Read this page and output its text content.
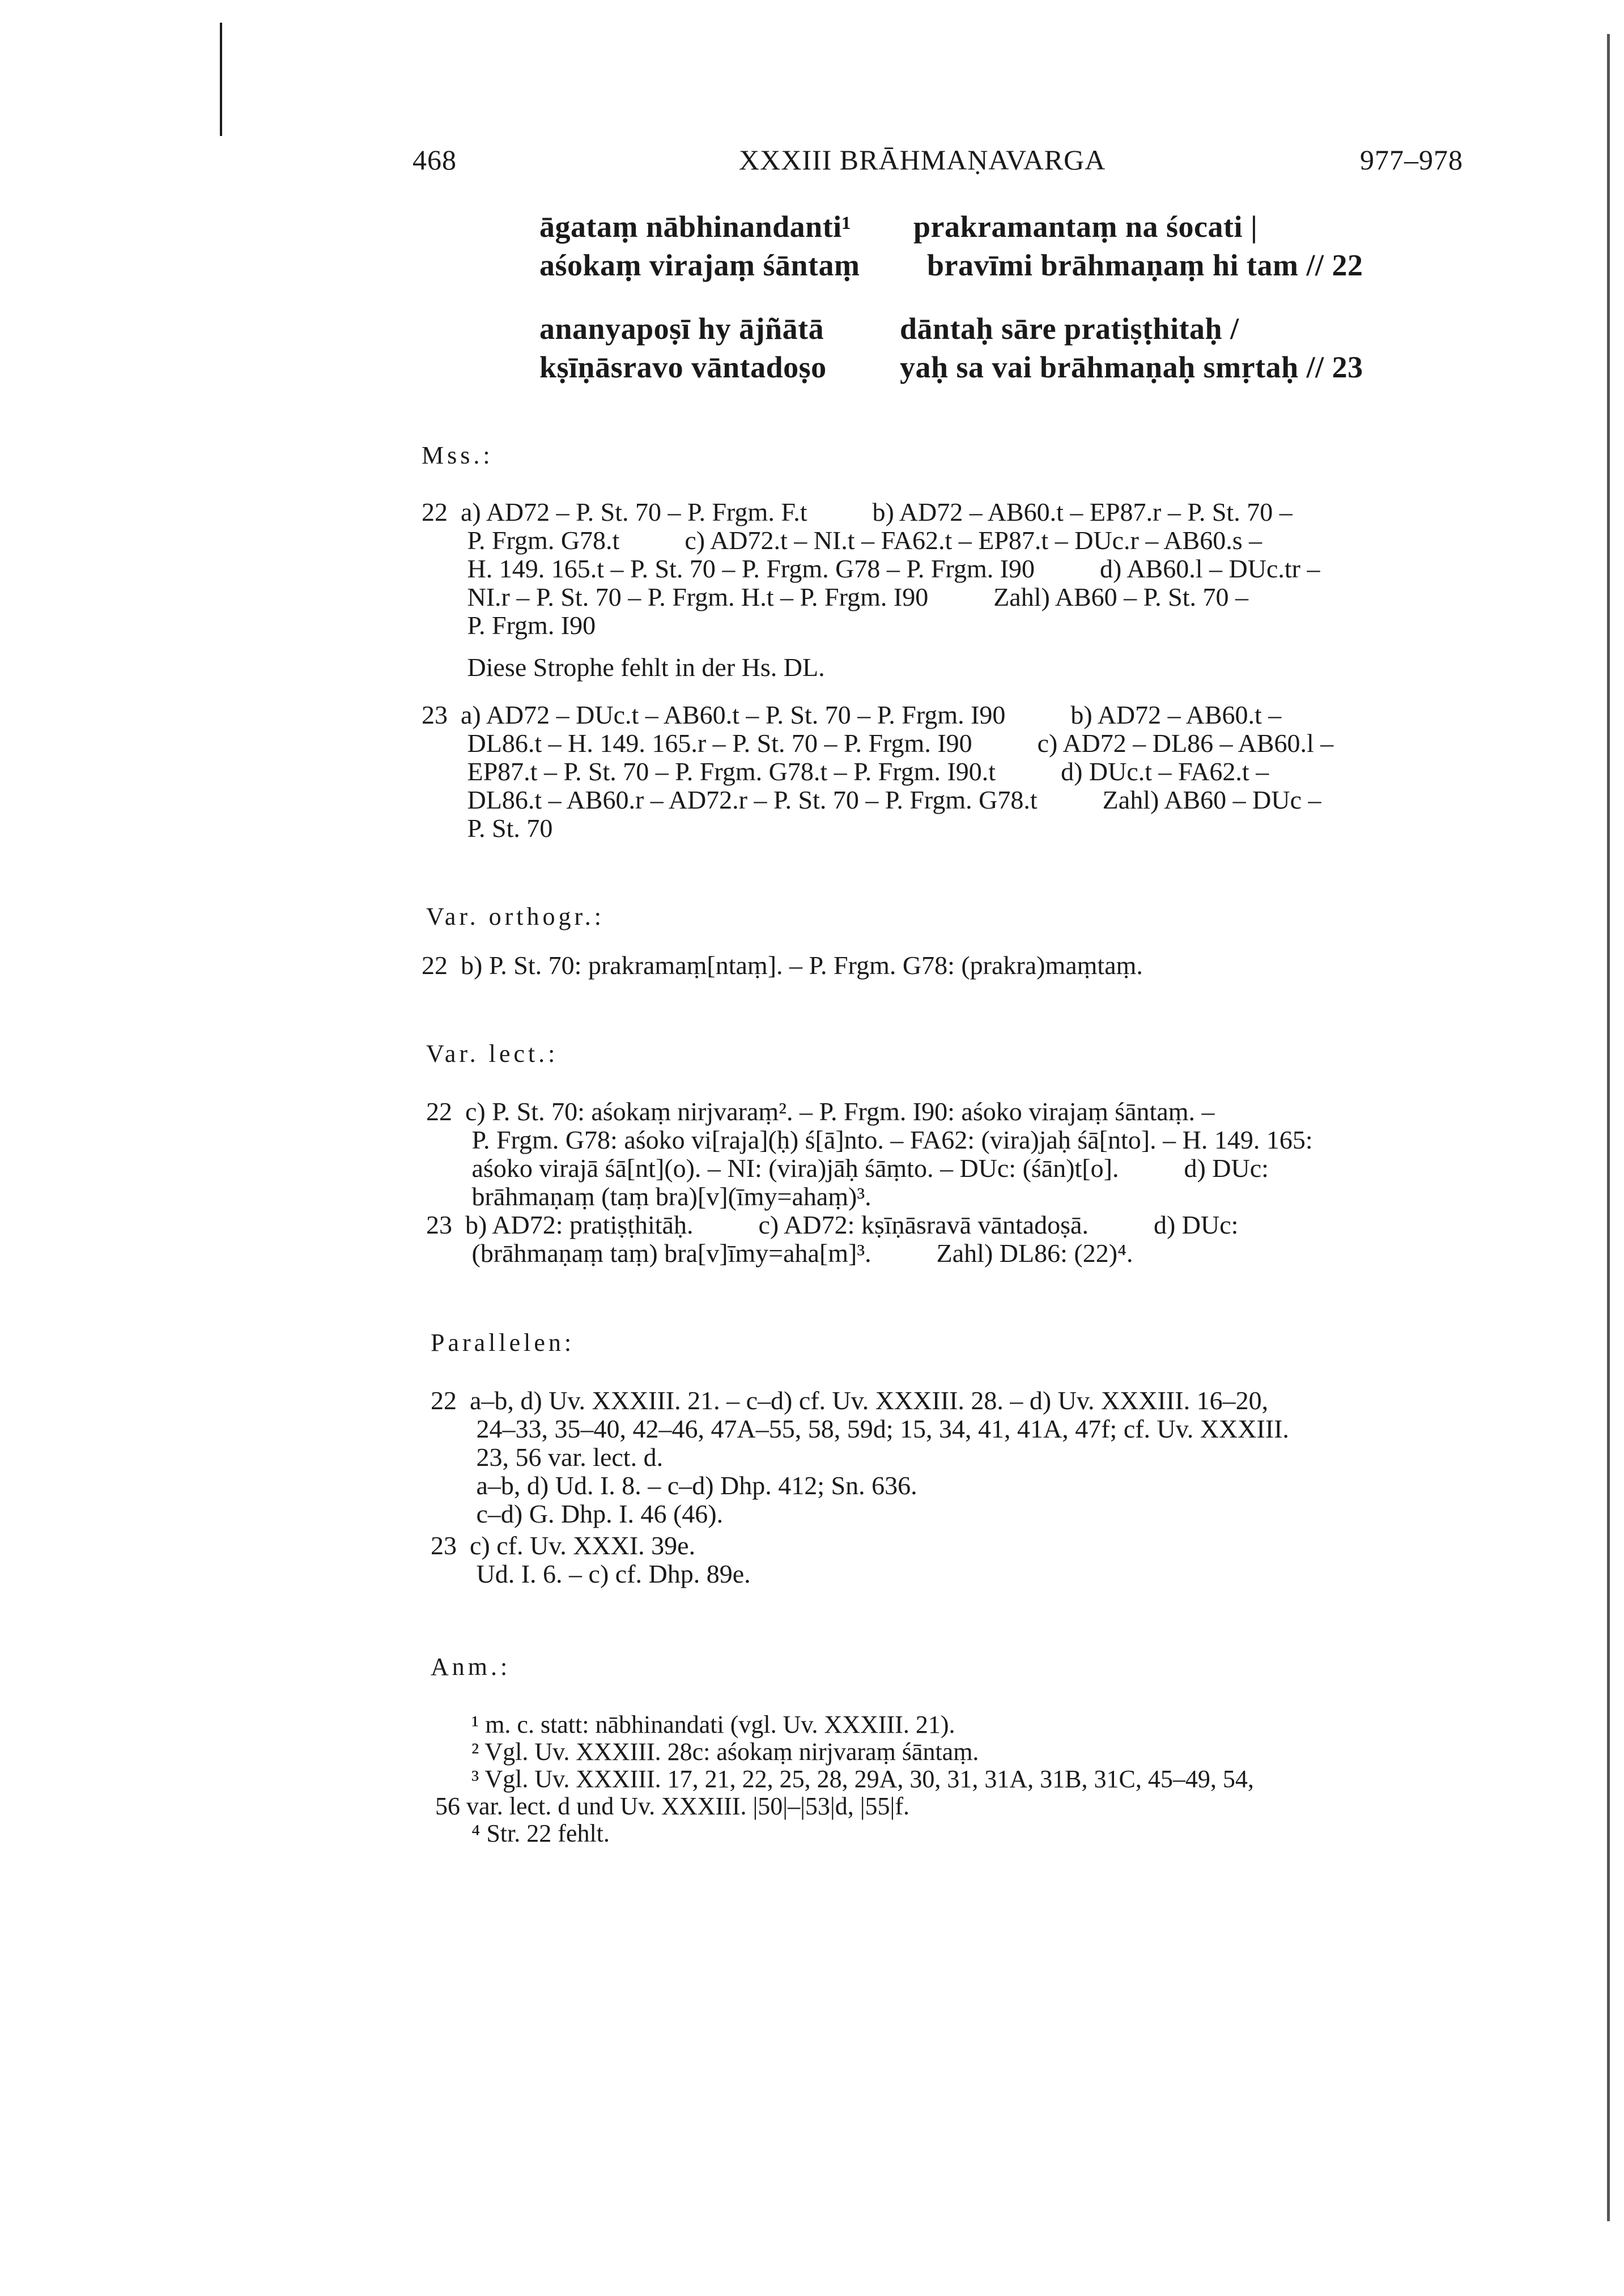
468	XXXIII BRĀHMAṆAVARGA	977–978
āgataṃ nābhinandanti¹ prakramantaṃ na śocati |
aśokaṃ virajaṃ śāntaṃ bravīmi brāhmaṇaṃ hi tam // 22
ananyapoṣī hy ājñātā dāntaḥ sāre pratiṣṭhitaḥ /
kṣīṇāsravo vāntadoṣo yaḥ sa vai brāhmaṇaḥ smṛtaḥ // 23
Mss.:
22  a) AD72 – P. St. 70 – P. Frgm. F.t          b) AD72 – AB60.t – EP87.r – P. St. 70 –
P. Frgm. G78.t          c) AD72.t – NI.t – FA62.t – EP87.t – DUc.r – AB60.s –
H. 149. 165.t – P. St. 70 – P. Frgm. G78 – P. Frgm. I90          d) AB60.l – DUc.tr –
NI.r – P. St. 70 – P. Frgm. H.t – P. Frgm. I90          Zahl) AB60 – P. St. 70 –
P. Frgm. I90
Diese Strophe fehlt in der Hs. DL.
23  a) AD72 – DUc.t – AB60.t – P. St. 70 – P. Frgm. I90          b) AD72 – AB60.t –
DL86.t – H. 149. 165.r – P. St. 70 – P. Frgm. I90          c) AD72 – DL86 – AB60.l –
EP87.t – P. St. 70 – P. Frgm. G78.t – P. Frgm. I90.t          d) DUc.t – FA62.t –
DL86.t – AB60.r – AD72.r – P. St. 70 – P. Frgm. G78.t          Zahl) AB60 – DUc –
P. St. 70
Var. orthogr.:
22  b) P. St. 70: prakramaṃ[ntaṃ]. – P. Frgm. G78: (prakra)maṃtaṃ.
Var. lect.:
22  c) P. St. 70: aśokaṃ nirjvaraṃ². – P. Frgm. I90: aśoko virajaṃ śāntaṃ. –
P. Frgm. G78: aśoko vi[raja](ḥ) ś[ā]nto. – FA62: (vira)jaḥ śā[nto]. – H. 149. 165:
aśoko virajā śā[nt](o). – NI: (vira)jāḥ śāṃto. – DUc: (śān)t[o].          d) DUc:
brāhmaṇaṃ (taṃ bra)[v](īmy=ahaṃ)³.
23  b) AD72: pratiṣṭhitāḥ.          c) AD72: kṣīṇāsravā vāntadoṣā.          d) DUc:
(brāhmaṇaṃ taṃ) bra[v]īmy=aha[m]³.          Zahl) DL86: (22)⁴.
Parallelen:
22  a–b, d) Uv. XXXIII. 21. – c–d) cf. Uv. XXXIII. 28. – d) Uv. XXXIII. 16–20,
24–33, 35–40, 42–46, 47A–55, 58, 59d; 15, 34, 41, 41A, 47f; cf. Uv. XXXIII.
23, 56 var. lect. d.
a–b, d) Ud. I. 8. – c–d) Dhp. 412; Sn. 636.
c–d) G. Dhp. I. 46 (46).
23  c) cf. Uv. XXXI. 39e.
Ud. I. 6. – c) cf. Dhp. 89e.
Anm.:
¹ m. c. statt: nābhinandati (vgl. Uv. XXXIII. 21).
² Vgl. Uv. XXXIII. 28c: aśokaṃ nirjvaraṃ śāntaṃ.
³ Vgl. Uv. XXXIII. 17, 21, 22, 25, 28, 29A, 30, 31, 31A, 31B, 31C, 45–49, 54,
56 var. lect. d und Uv. XXXIII. |50|–|53|d, |55|f.
⁴ Str. 22 fehlt.
